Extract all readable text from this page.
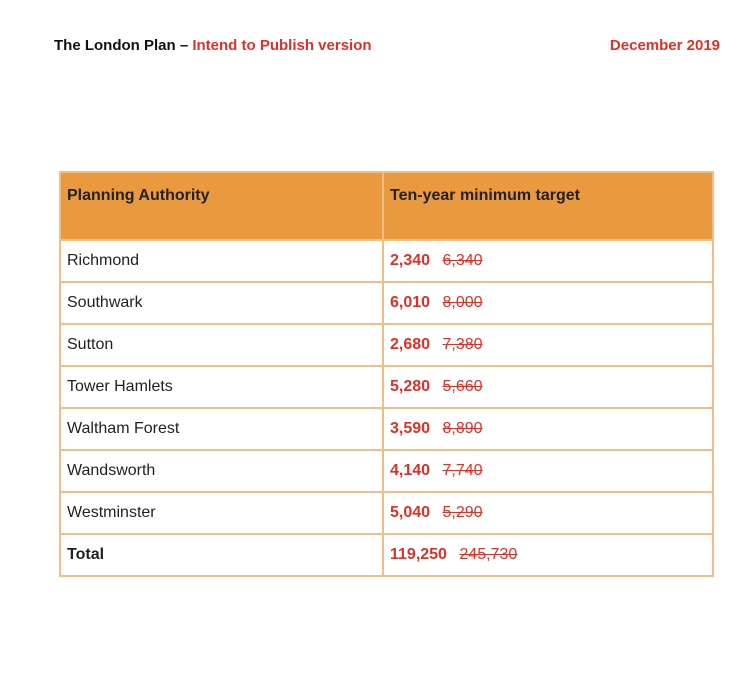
The London Plan – Intend to Publish version	December 2019
Planning Authority	Ten-year minimum target
Richmond	2,340 6,340
Southwark	6,010 8,000
Sutton	2,680 7,380
Tower Hamlets	5,280 5,660
Waltham Forest	3,590 8,890
Wandsworth	4,140 7,740
Westminster	5,040 5,290
Total	119,250 245,730
